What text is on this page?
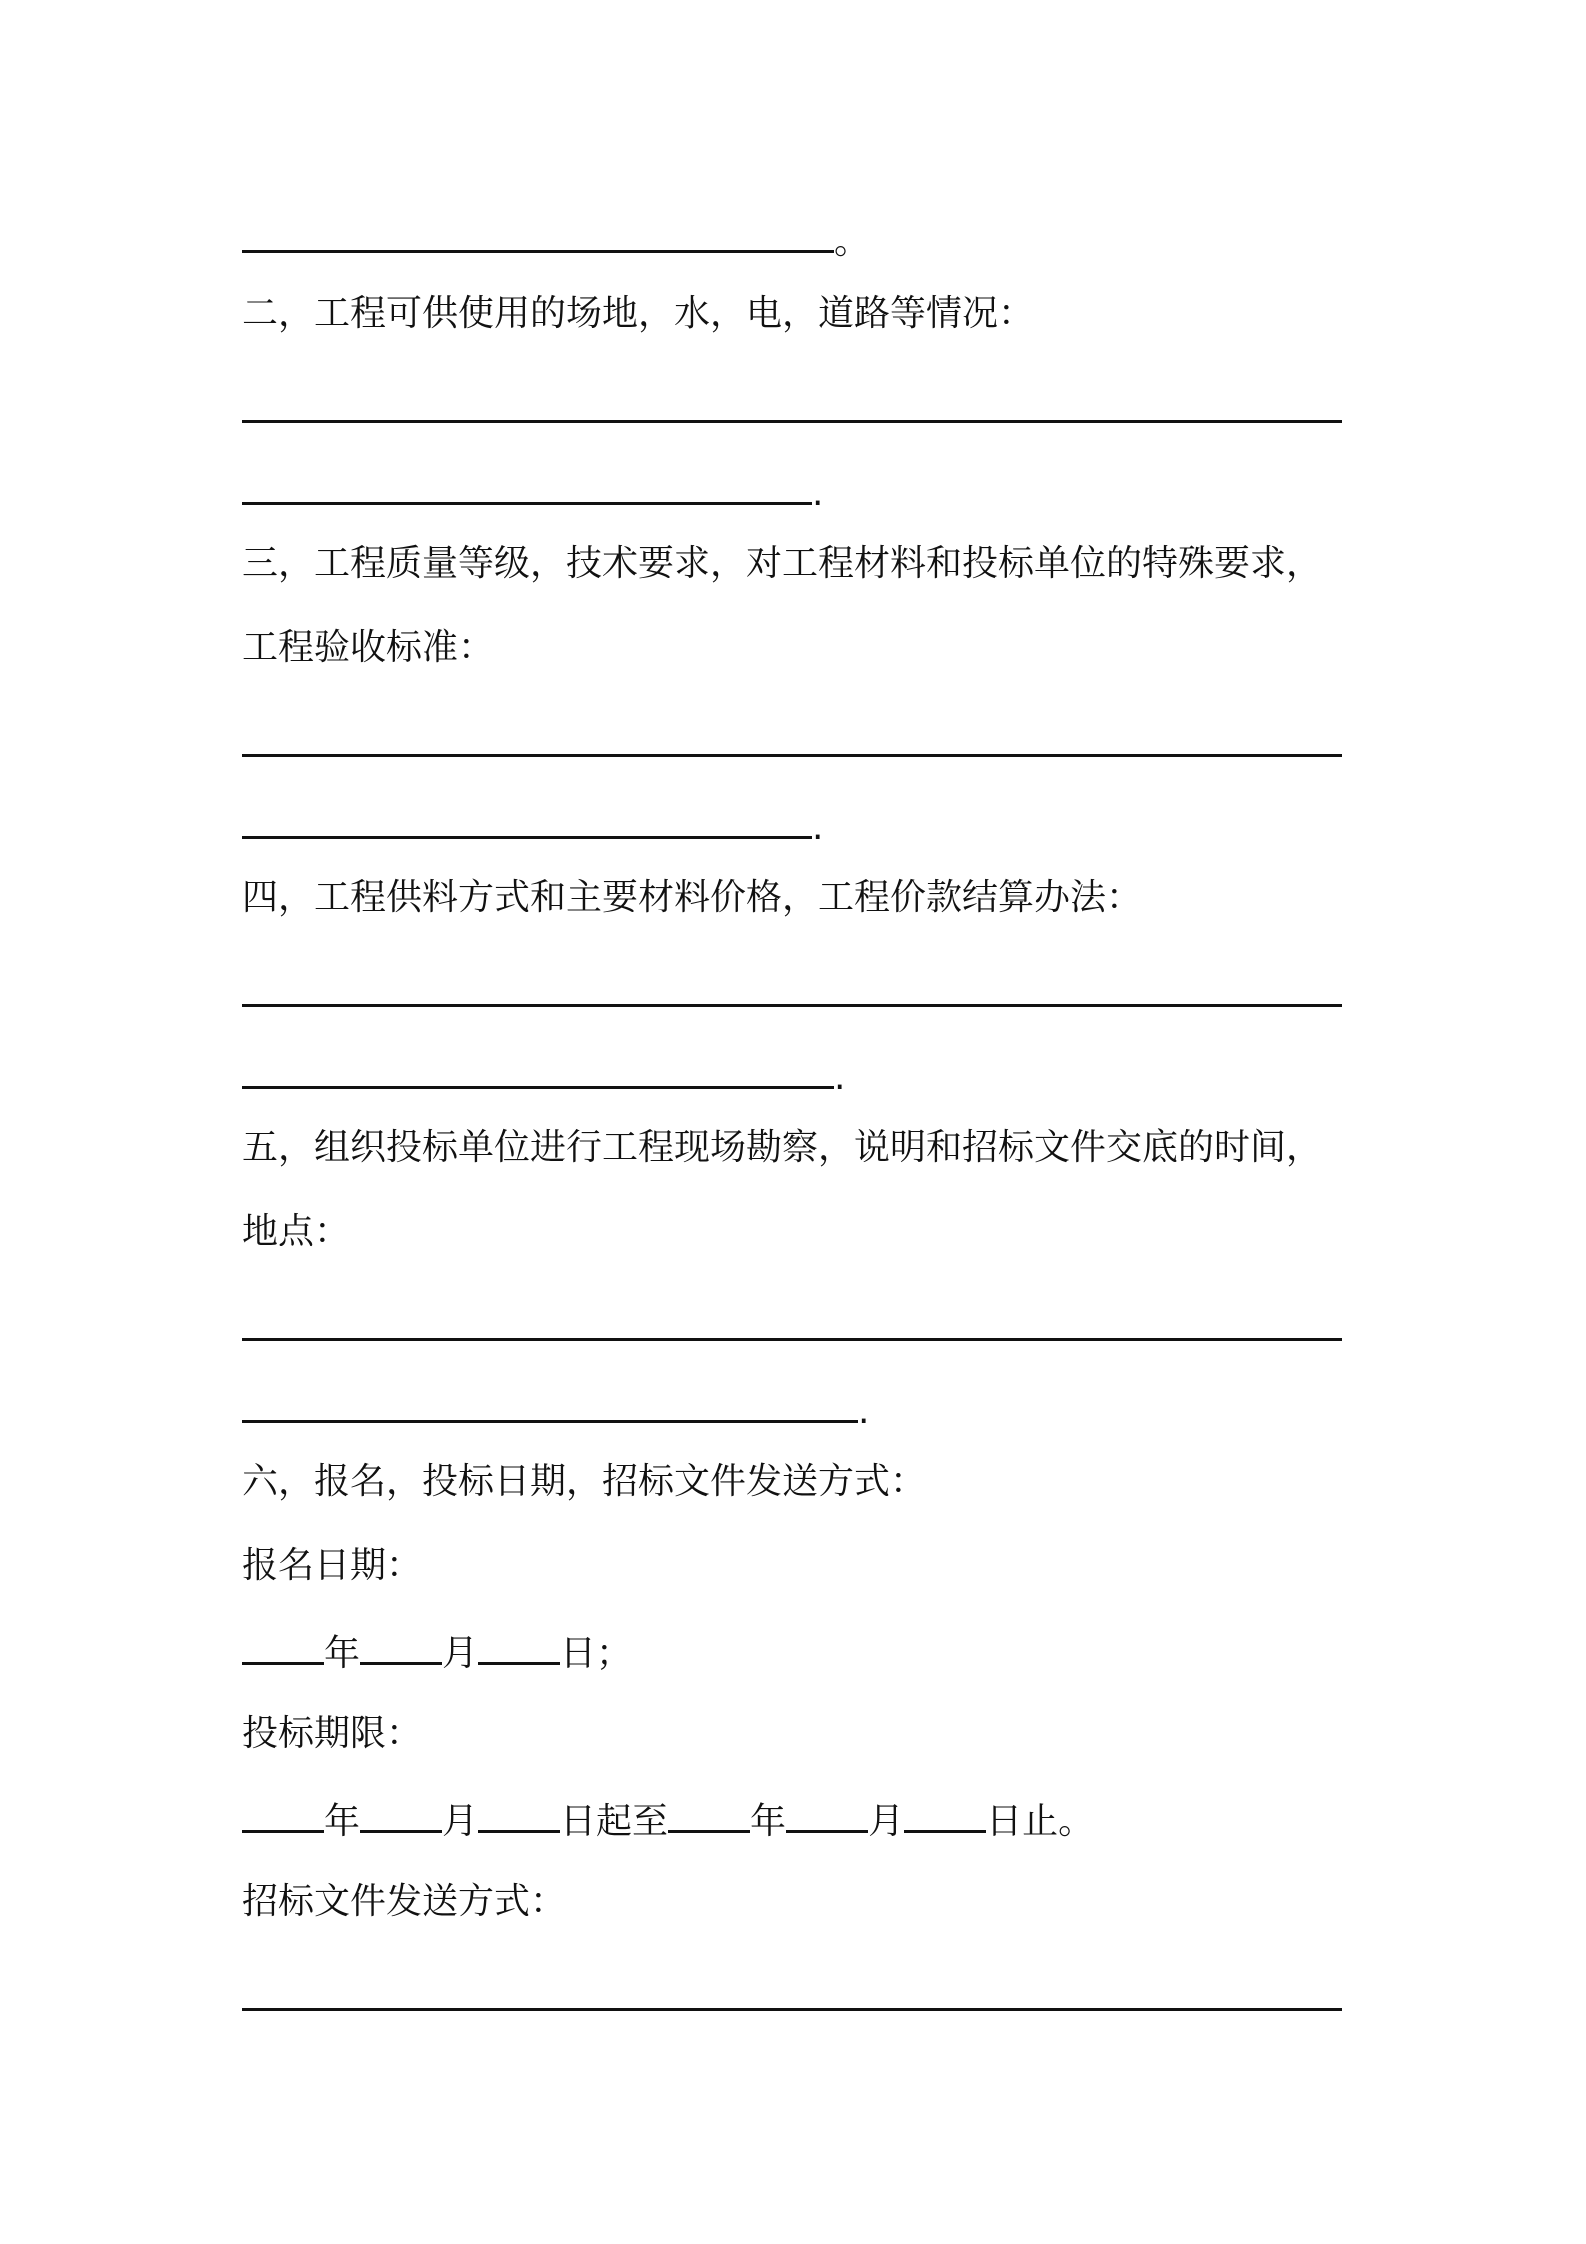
。
二，工程可供使用的场地，水，电，道路等情况：
.
三，工程质量等级，技术要求，对工程材料和投标单位的特殊要求，
工程验收标准：
.
四，工程供料方式和主要材料价格，工程价款结算办法：
.
五，组织投标单位进行工程现场勘察，说明和招标文件交底的时间，
地点：
.
六，报名，投标日期，招标文件发送方式：
报名日期：
年 月 日；
投标期限：
年 月 日起至 年 月 日止。
招标文件发送方式：
